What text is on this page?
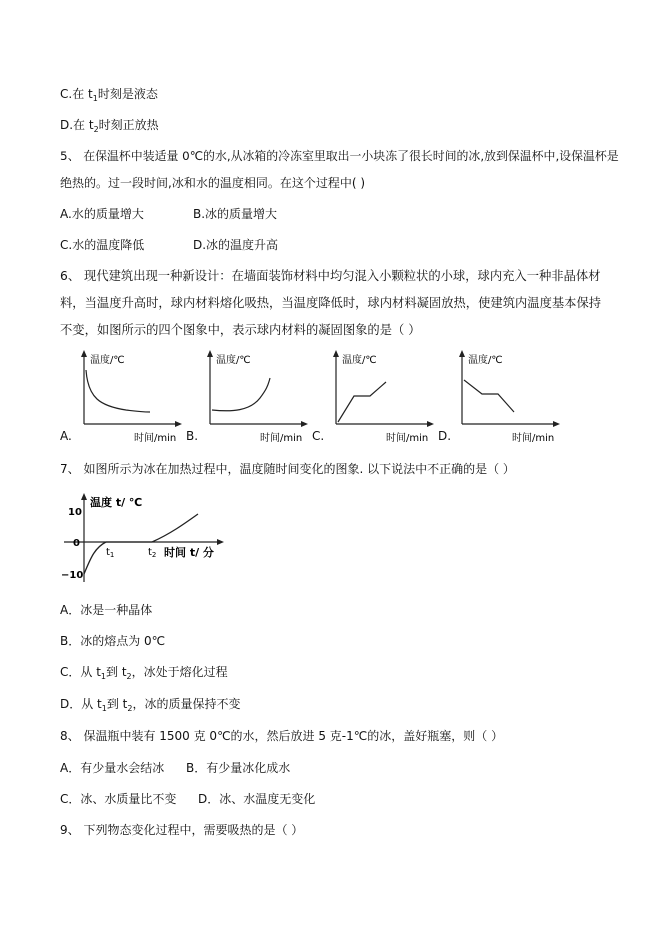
C.在 $t_1$时刻是液态
D.在 $t_2$时刻正放热
5、 在保温杯中装适量 0℃的水,从冰箱的冷冻室里取出一小块冻了很长时间的冰,放到保温杯中,设保温杯是
绝热的。过一段时间,冰和水的温度相同。在这个过程中( )
A.水的质量增大	B.冰的质量增大
C.水的温度降低	D.冰的温度升高
6、 现代建筑出现一种新设计：在墙面装饰材料中均匀混入小颗粒状的小球，球内充入一种非晶体材料，当温度升高时，球内材料熔化吸热，当温度降低时，球内材料凝固放热，使建筑内温度基本保持不变，如图所示的四个图象中，表示球内材料的凝固图象的是（ ）
A.	B.	C.	D.
温度/℃
时间/min
温度/℃
时间/min
温度/℃
时间/min
温度/℃
时间/min
7、 如图所示为冰在加热过程中，温度随时间变化的图象. 以下说法中不正确的是（ ）
温度 t/ ℃
10
0
−10
$t_1$	$t_2$ 时间 t/ 分
A．冰是一种晶体
B．冰的熔点为 0℃
C．从 $t_1$到 $t_2$，冰处于熔化过程
D．从 $t_1$到 $t_2$，冰的质量保持不变
8、 保温瓶中装有 1500 克 0℃的水，然后放进 5 克-1℃的冰，盖好瓶塞，则（ ）
A．有少量水会结冰 B．有少量冰化成水
C．冰、水质量比不变 D．冰、水温度无变化
9、 下列物态变化过程中，需要吸热的是（ ）
